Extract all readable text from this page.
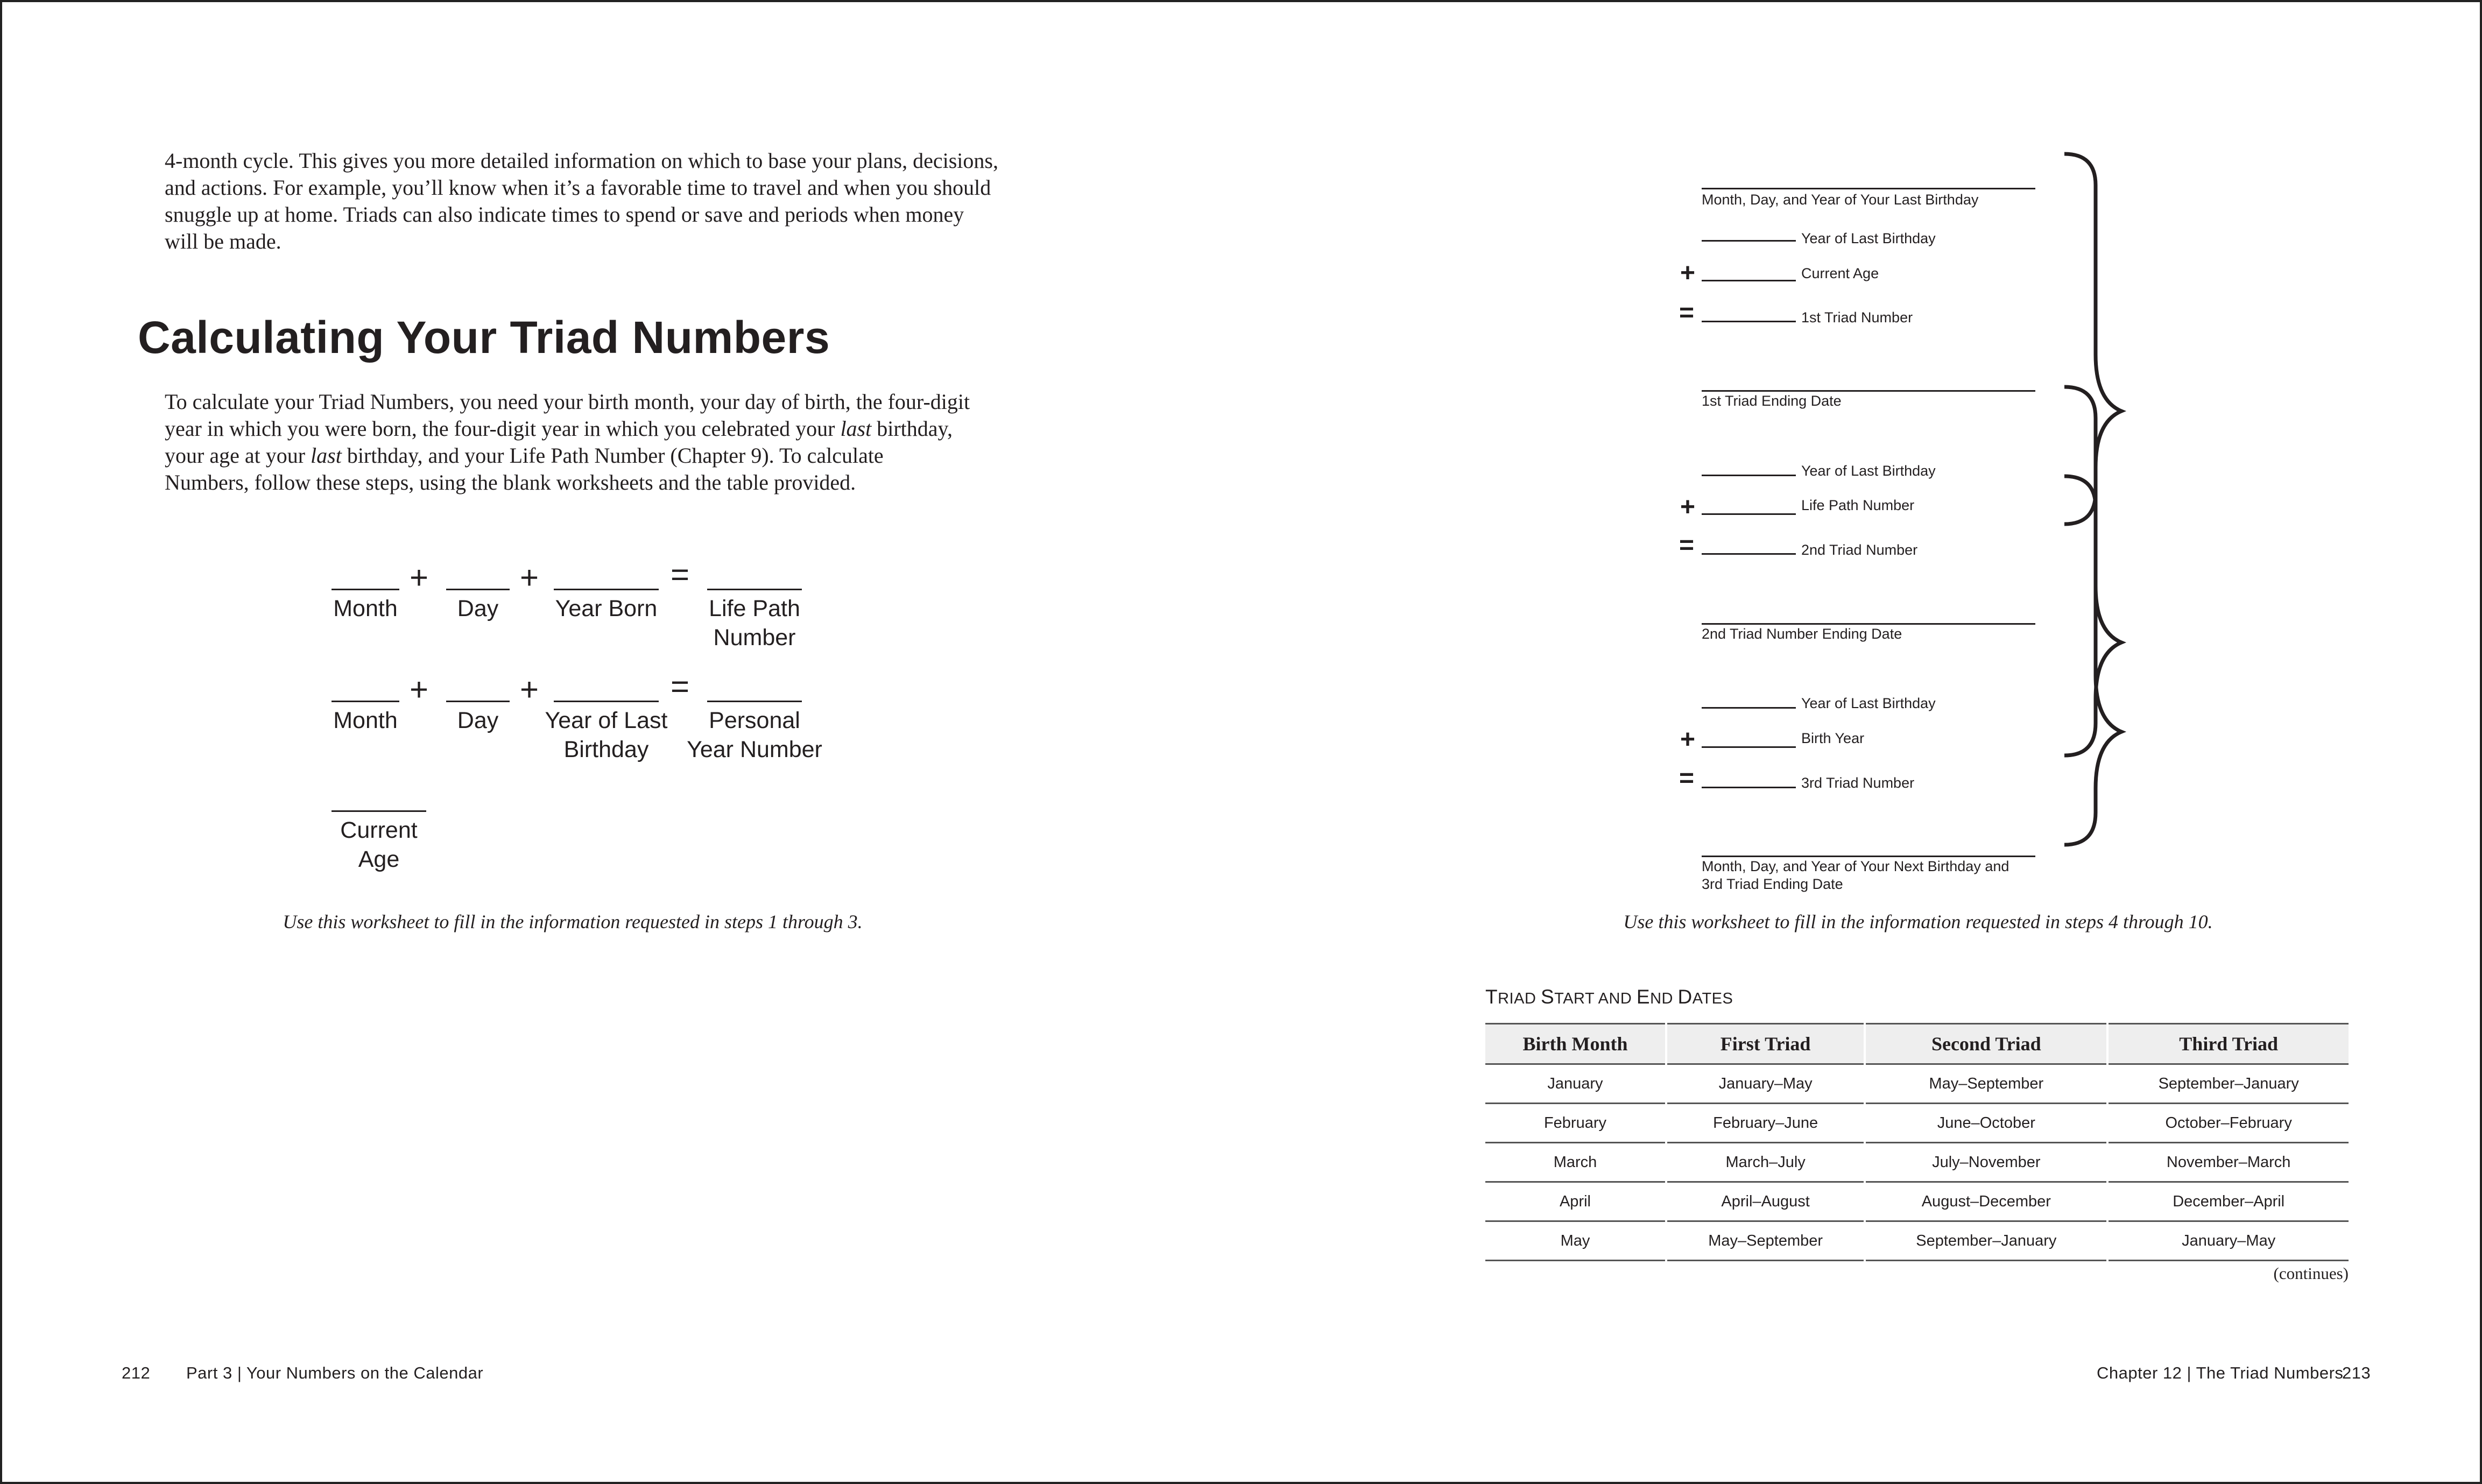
4-month cycle. This gives you more detailed information on which to base your plans, decisions,

and actions. For example, you’ll know when it’s a favorable time to travel and when you should

snuggle up at home. Triads can also indicate times to spend or save and periods when money

will be made.

Calculating Your Triad Numbers

To calculate your Triad Numbers, you need your birth month, your day of birth, the four-digit

year in which you were born, the four-digit year in which you celebrated your last birthday,

your age at your last birthday, and your Life Path Number (Chapter 9). To calculate

Numbers, follow these steps, using the blank worksheets and the table provided.

+	+	=
Month	Day	Year Born	Life Path
Number
+	+	=
Month	Day	Year of Last
Birthday
Personal
Year Number
Current
Age
Use this worksheet to fill in the information requested in steps 1 through 3.
212 Part 3 | Your Numbers on the Calendar
Month, Day, and Year of Your Last Birthday
Year of Last Birthday
+	Current Age
=	1st Triad Number
1st Triad Ending Date
Year of Last Birthday
+	Life Path Number
=	2nd Triad Number
2nd Triad Number Ending Date
Year of Last Birthday
+	Birth Year
=	3rd Triad Number
Month, Day, and Year of Your Next Birthday and
3rd Triad Ending Date
Use this worksheet to fill in the information requested in steps 4 through 10.
TRIAD START AND END DATES
Birth Month	First Triad	Second Triad	Third Triad
January	January–May	May–September	September–January
February	February–June	June–October	October–February
March	March–July	July–November	November–March
April	April–August	August–December	December–April
May	May–September	September–January	January–May
(continues)
Chapter 12 | The Triad Numbers
213
